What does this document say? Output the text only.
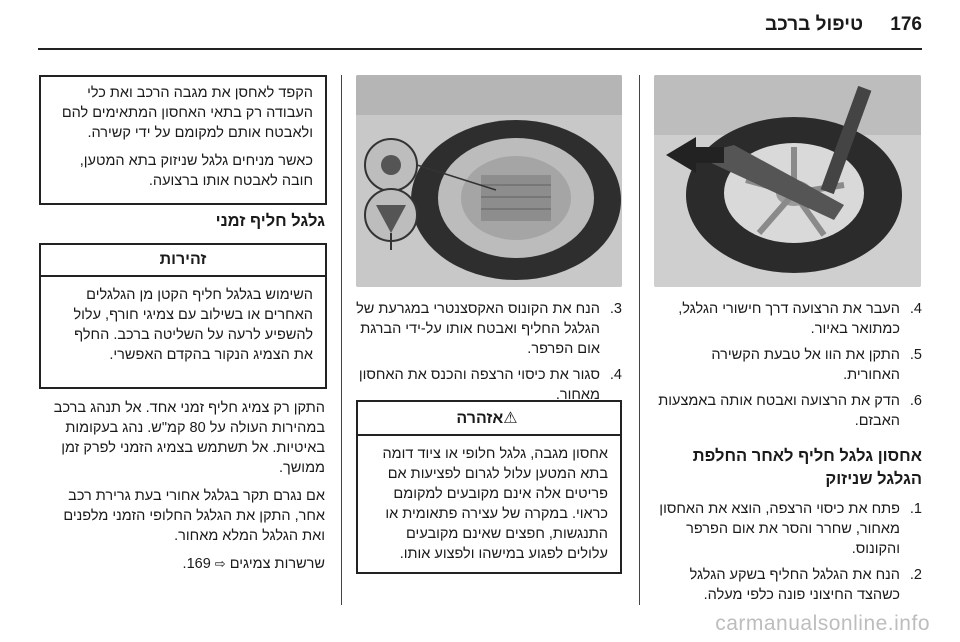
176 טיפול ברכב
4.
העבר את הרצועה דרך חישורי הגלגל, כמתואר באיור.
5.
התקן את הוו אל טבעת הקשירה האחורית.
6.
הדק את הרצועה ואבטח אותה באמצעות האבזם.
אחסון גלגל חליף לאחר החלפת הגלגל שניזוק
1.
פתח את כיסוי הרצפה, הוצא את האחסון מאחור, שחרר והסר את אום הפרפר והקונוס.
2.
הנח את הגלגל החליף בשקע הגלגל כשהצד החיצוני פונה כלפי מעלה.
3.
הנח את הקונוס האקסצנטרי במגרעת של הגלגל החליף ואבטח אותו על-ידי הברגת אום הפרפר.
4.
סגור את כיסוי הרצפה והכנס את האחסון מאחור.
⚠אזהרה
אחסון מגבה, גלגל חלופי או ציוד דומה בתא המטען עלול לגרום לפציעות אם פריטים אלה אינם מקובעים למקומם כראוי. במקרה של עצירה פתאומית או התנגשות, חפצים שאינם מקובעים עלולים לפגוע במישהו ולפצוע אותו.
הקפד לאחסן את מגבה הרכב ואת כלי העבודה רק בתאי האחסון המתאימים להם ולאבטח אותם למקומם על ידי קשירה.
כאשר מניחים גלגל שניזוק בתא המטען, חובה לאבטח אותו ברצועה.
גלגל חליף זמני
זהירות
השימוש בגלגל חליף הקטן מן הגלגלים האחרים או בשילוב עם צמיגי חורף, עלול להשפיע לרעה על השליטה ברכב. החלף את הצמיג הנקור בהקדם האפשרי.
התקן רק צמיג חליף זמני אחד. אל תנהג ברכב במהירות העולה על 80 קמ"ש. נהג בעקומות באיטיות. אל תשתמש בצמיג הזמני לפרק זמן ממושך.
אם נגרם תקר בגלגל אחורי בעת גרירת רכב אחר, התקן את הגלגל החלופי הזמני מלפנים ואת הגלגל המלא מאחור.
שרשרות צמיגים ⇨ 169.
carmanualsonline.info
